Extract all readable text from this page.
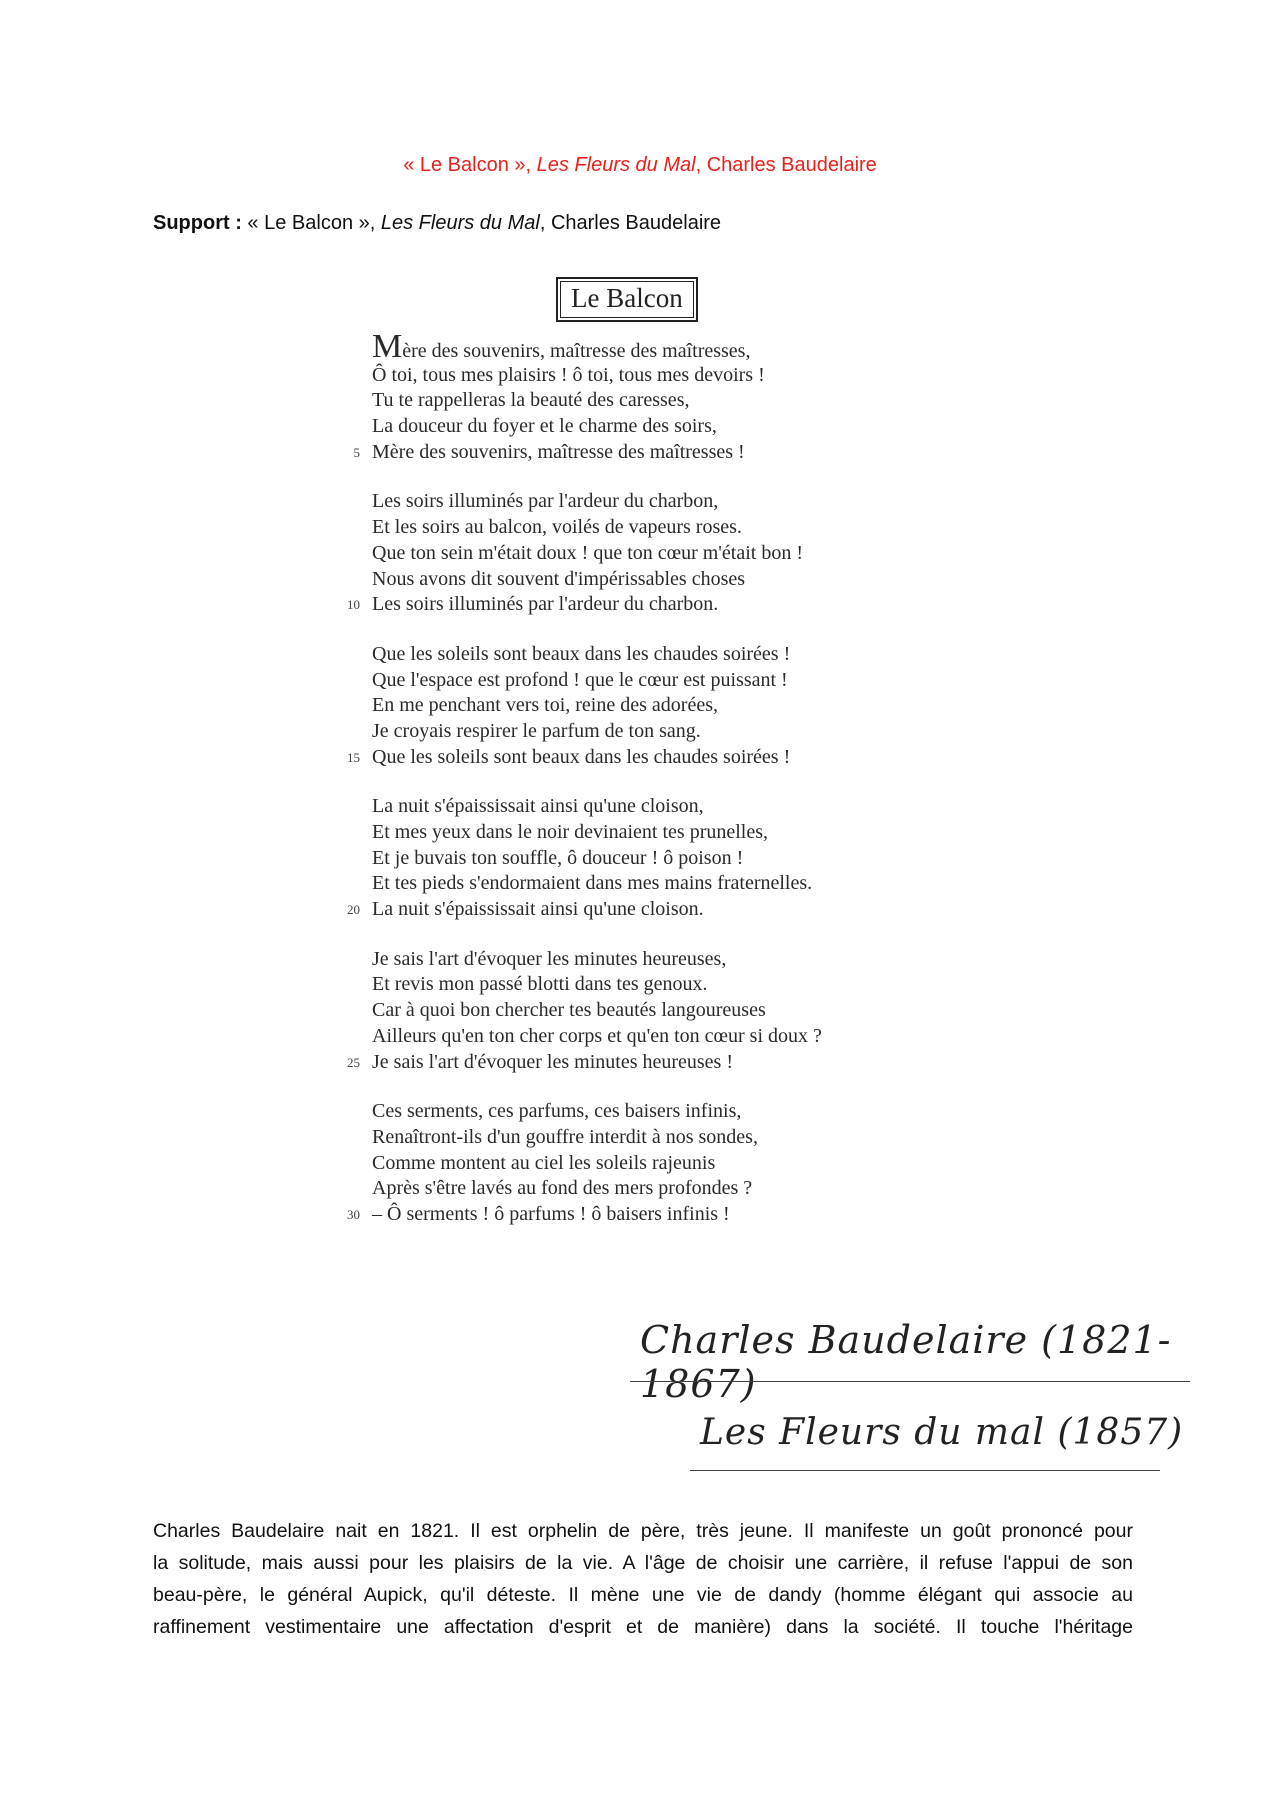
« Le Balcon », Les Fleurs du Mal, Charles Baudelaire
Support : « Le Balcon », Les Fleurs du Mal, Charles Baudelaire
Le Balcon
Mère des souvenirs, maîtresse des maîtresses,
Ô toi, tous mes plaisirs ! ô toi, tous mes devoirs !
Tu te rappelleras la beauté des caresses,
La douceur du foyer et le charme des soirs,
5 Mère des souvenirs, maîtresse des maîtresses !
Les soirs illuminés par l'ardeur du charbon,
Et les soirs au balcon, voilés de vapeurs roses.
Que ton sein m'était doux ! que ton cœur m'était bon !
Nous avons dit souvent d'impérissables choses
10 Les soirs illuminés par l'ardeur du charbon.
Que les soleils sont beaux dans les chaudes soirées !
Que l'espace est profond ! que le cœur est puissant !
En me penchant vers toi, reine des adorées,
Je croyais respirer le parfum de ton sang.
15 Que les soleils sont beaux dans les chaudes soirées !
La nuit s'épaississait ainsi qu'une cloison,
Et mes yeux dans le noir devinaient tes prunelles,
Et je buvais ton souffle, ô douceur ! ô poison !
Et tes pieds s'endormaient dans mes mains fraternelles.
20 La nuit s'épaississait ainsi qu'une cloison.
Je sais l'art d'évoquer les minutes heureuses,
Et revis mon passé blotti dans tes genoux.
Car à quoi bon chercher tes beautés langoureuses
Ailleurs qu'en ton cher corps et qu'en ton cœur si doux ?
25 Je sais l'art d'évoquer les minutes heureuses !
Ces serments, ces parfums, ces baisers infinis,
Renaîtront-ils d'un gouffre interdit à nos sondes,
Comme montent au ciel les soleils rajeunis
Après s'être lavés au fond des mers profondes ?
30 – Ô serments ! ô parfums ! ô baisers infinis !
Charles Baudelaire (1821-1867)
Les Fleurs du mal (1857)
Charles Baudelaire nait en 1821. Il est orphelin de père, très jeune. Il manifeste un goût prononcé pour
la solitude, mais aussi pour les plaisirs de la vie. A l'âge de choisir une carrière, il refuse l'appui de son
beau-père, le général Aupick, qu'il déteste. Il mène une vie de dandy (homme élégant qui associe au
raffinement vestimentaire une affectation d'esprit et de manière) dans la société. Il touche l'héritage
